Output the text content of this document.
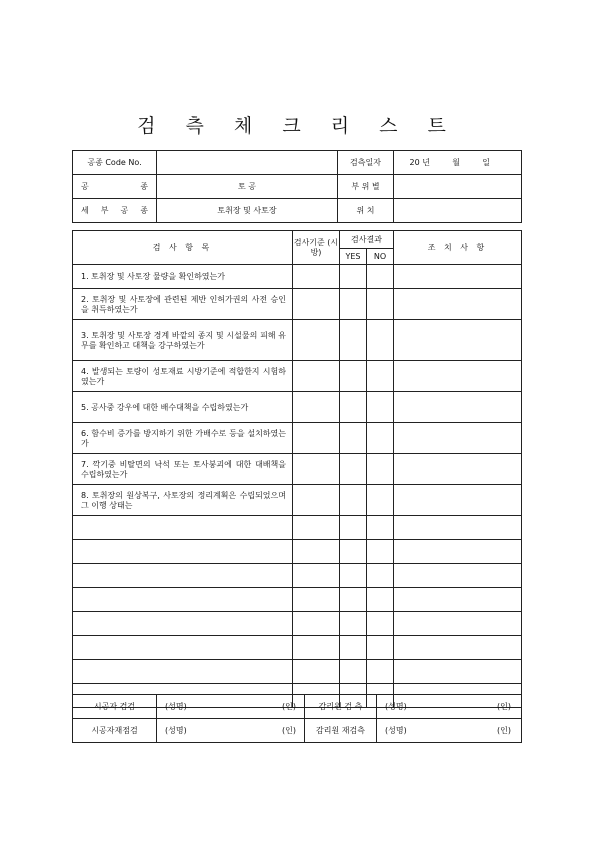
검 측 체 크 리 스 트
공종 Code No.		검측일자	20 년 월 일
공 종	토 공	부 위 별	
세 부 공 종	토취장 및 사토장	위 치	
검 사 항 목	검사기준 (시방)	검사결과		조 치 사 항
		YES	NO	
1. 토취장 및 사토장 물량을 확인하였는가				
2. 토취장 및 사토장에 관련된 제반 인허가권의 사전 승인을 취득하였는가				
3. 토취장 및 사토장 경계 바깥의 종지 및 시설물의 피해 유무를 확인하고 대책을 강구하였는가				
4. 발생되는 토량이 성토재료 시방기준에 적합한지 시험하였는가				
5. 공사중 강우에 대한 배수대책을 수립하였는가				
6. 함수비 증가를 방지하기 위한 가배수로 등을 설치하였는가				
7. 깍기중 비탈면의 낙석 또는 토사붕괴에 대한 대배책을 수립하였는가				
8. 토취장의 원상복구, 사토장의 정리계획은 수립되었으며 그 이행 상태는				

시공자 검검	(성명) (인)	감리원 검 측	(성명) (인)

시공자재점검	(성명) (인)	감리원 재검측	(성명) (인)
